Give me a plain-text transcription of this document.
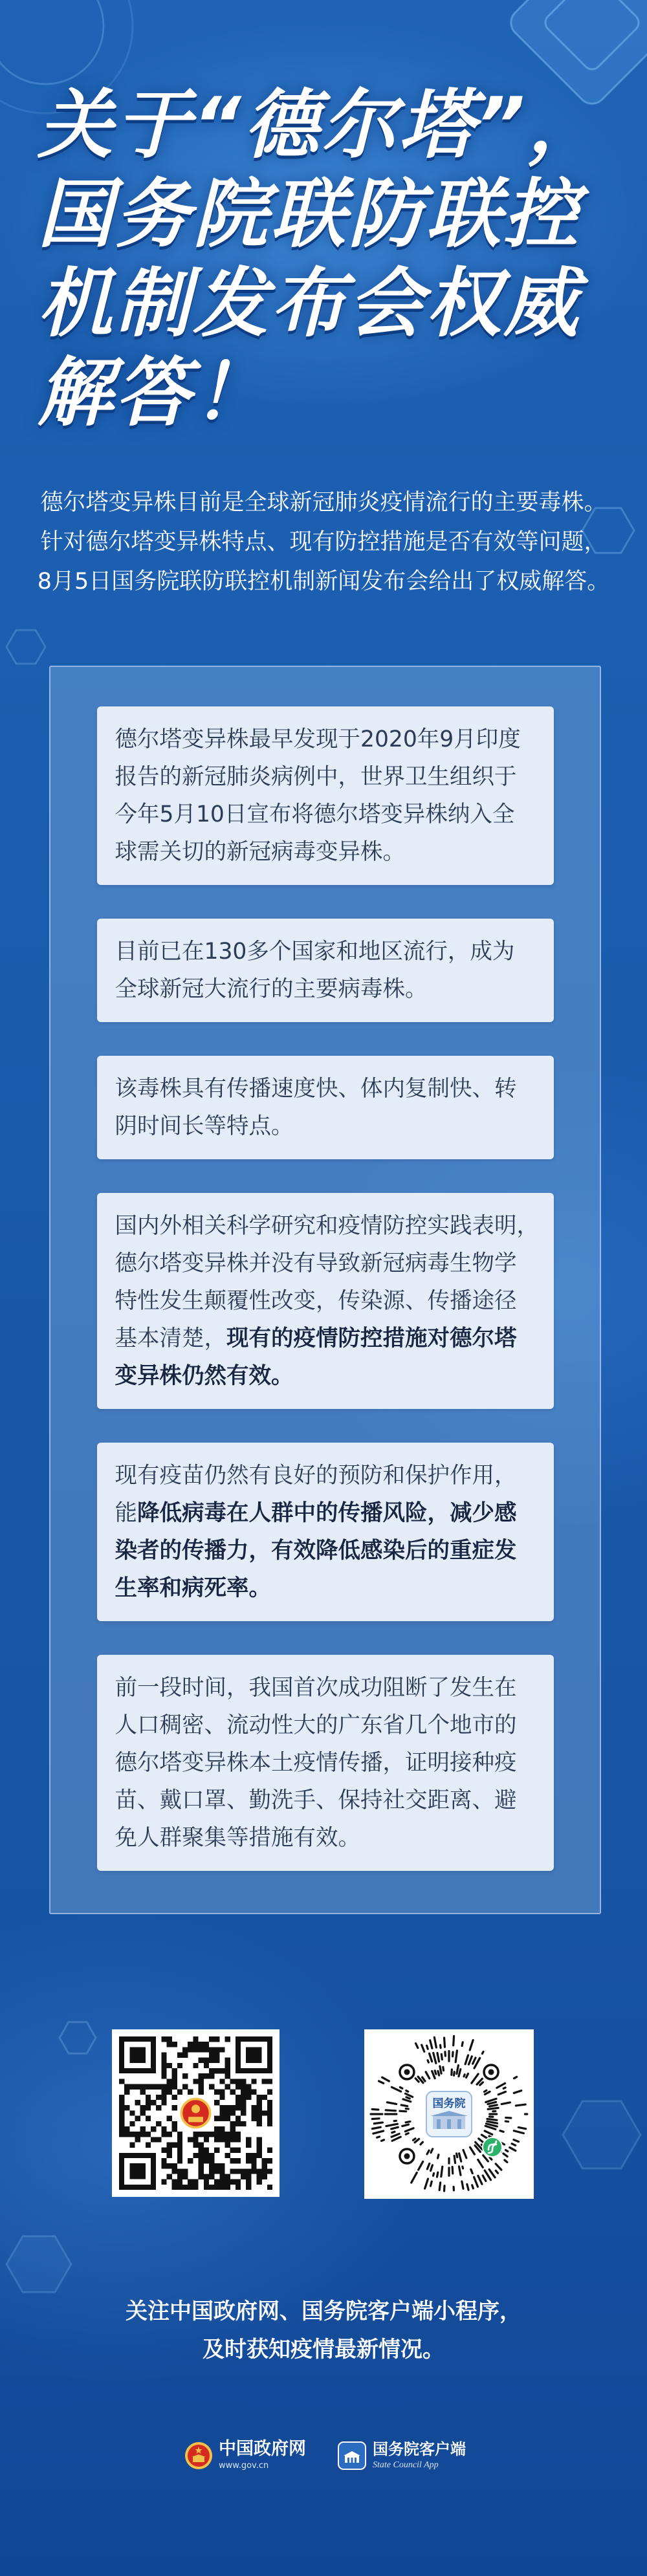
关于“德尔塔”，
国务院联防联控
机制发布会权威
解答！
德尔塔变异株目前是全球新冠肺炎疫情流行的主要毒株。
针对德尔塔变异株特点、现有防控措施是否有效等问题，
8月5日国务院联防联控机制新闻发布会给出了权威解答。
德尔塔变异株最早发现于2020年9月印度
报告的新冠肺炎病例中，世界卫生组织于
今年5月10日宣布将德尔塔变异株纳入全
球需关切的新冠病毒变异株。
目前已在130多个国家和地区流行，成为
全球新冠大流行的主要病毒株。
该毒株具有传播速度快、体内复制快、转
阴时间长等特点。
国内外相关科学研究和疫情防控实践表明，
德尔塔变异株并没有导致新冠病毒生物学
特性发生颠覆性改变，传染源、传播途径
基本清楚，现有的疫情防控措施对德尔塔
变异株仍然有效。
现有疫苗仍然有良好的预防和保护作用，
能降低病毒在人群中的传播风险，减少感
染者的传播力，有效降低感染后的重症发
生率和病死率。
前一段时间，我国首次成功阻断了发生在
人口稠密、流动性大的广东省几个地市的
德尔塔变异株本土疫情传播，证明接种疫
苗、戴口罩、勤洗手、保持社交距离、避
免人群聚集等措施有效。
国务院
关注中国政府网、国务院客户端小程序，
及时获知疫情最新情况。
中国政府网
www.gov.cn
国务院客户端
State Council App
